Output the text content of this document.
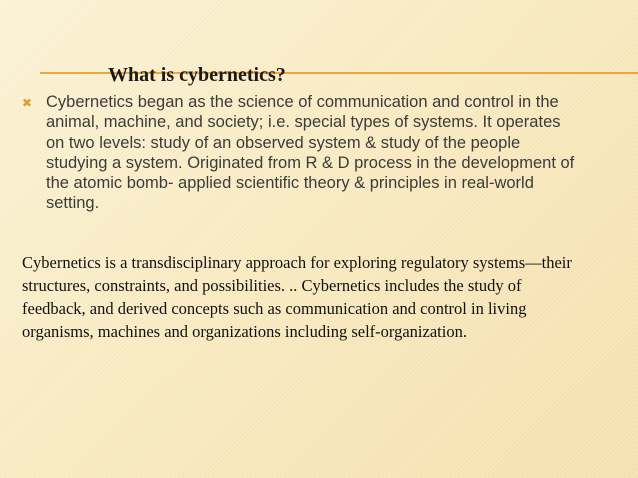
What is cybernetics?
✖ Cybernetics began as the science of communication and control in the animal, machine, and society; i.e. special types of systems. It operates on two levels: study of an observed system & study of the people studying a system. Originated from R & D process in the development of the atomic bomb- applied scientific theory & principles in real-world setting.

Cybernetics is a transdisciplinary approach for exploring regulatory systems—their structures, constraints, and possibilities. .. Cybernetics includes the study of feedback, and derived concepts such as communication and control in living organisms, machines and organizations including self-organization.
